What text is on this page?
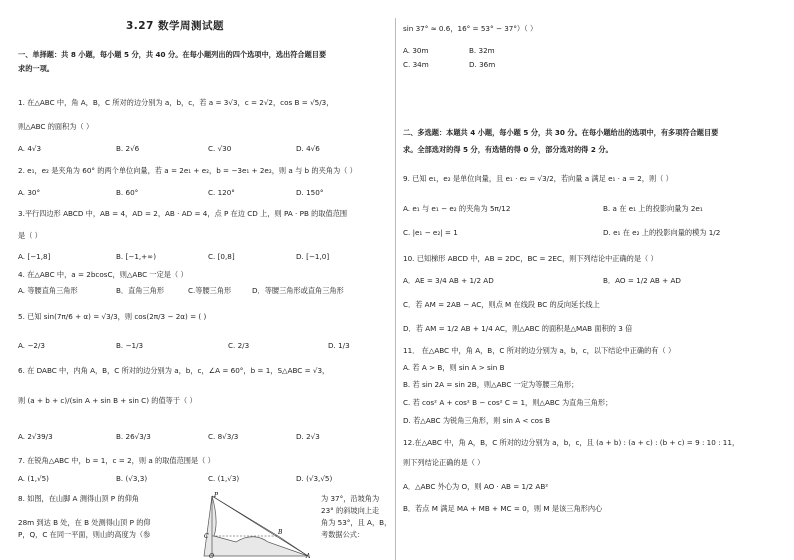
3.27 数学周测试题
一、单择题：共 8 小题，每小题 5 分，共 40 分。在每小题列出的四个选项中，选出符合题目要
求的一项。
1. 在△ABC 中，角 A，B，C 所对的边分别为 a，b，c，若 a = 3√3，c = 2√2，cos B = √5/3，
则△ABC 的面积为（ ）
A. 4√3	B. 2√6	C. √30	D. 4√6
2. e₁，e₂ 是夹角为 60° 的两个单位向量，若 a = 2e₁ + e₂，b = −3e₁ + 2e₂，则 a 与 b 的夹角为（ ）
A. 30°	B. 60°	C. 120°	D. 150°
3.平行四边形 ABCD 中，AB = 4，AD = 2，AB · AD = 4，点 P 在边 CD 上，则 PA · PB 的取值范围
是（ ）
A. [−1,8]	B. [−1,+∞)	C. [0,8]	D. [−1,0]
4. 在△ABC 中，a = 2bcosC，则△ABC 一定是（ ）
A. 等腰直角三角形	B．直角三角形	C.等腰三角形	D．等腰三角形或直角三角形
5. 已知 sin(7π/6 + α) = √3/3，则 cos(2π/3 − 2α) = ( )
A. −2/3	B. −1/3	C. 2/3	D. 1/3
6. 在 DABC 中，内角 A，B，C 所对的边分别为 a，b，c，∠A = 60°，b = 1，S△ABC = √3，
则 (a + b + c)/(sin A + sin B + sin C) 的值等于（ ）
A. 2√39/3	B. 26√3/3	C. 8√3/3	D. 2√3
7. 在锐角△ABC 中，b = 1，c = 2，则 a 的取值范围是（ ）
A. (1,√5)	B. (√3,3)	C. (1,√3)	D. (√3,√5)
8. 如图，在山脚 A 测得山顶 P 的仰角
28m 到达 B 处，在 B 处测得山顶 P 的仰
P，Q，C 在同一平面，则山的高度为（参
为 37°，沿坡角为
23° 的斜坡向上走
角为 53°，且 A，B，
考数据公式：
P
C
B
Q	A
sin 37° ≈ 0.6，16° = 53° − 37°）（ ）
A. 30m	B. 32m
C. 34m	D. 36m
二、多选题：本题共 4 小题，每小题 5 分，共 30 分。在每小题给出的选项中，有多项符合题目要
求。全部选对的得 5 分，有选错的得 0 分，部分选对的得 2 分。
9. 已知 e₁，e₂ 是单位向量，且 e₁ · e₂ = √3/2，若向量 a 满足 e₁ · a = 2，则（ ）
A. e₁ 与 e₁ − e₂ 的夹角为 5π/12	B. a 在 e₁ 上的投影向量为 2e₁
C. |e₁ − e₂| = 1	D. e₁ 在 e₂ 上的投影向量的模为 1/2
10. 已知梯形 ABCD 中，AB = 2DC，BC = 2EC，则下列结论中正确的是（ ）
A．AE = 3/4 AB + 1/2 AD	B．AO = 1/2 AB + AD
C．若 AM = 2AB − AC，则点 M 在线段 BC 的反向延长线上
D．若 AM = 1/2 AB + 1/4 AC，则△ABC 的面积是△MAB 面积的 3 倍
11． 在△ABC 中，角 A，B，C 所对的边分别为 a，b，c，以下结论中正确的有（ ）
A. 若 A > B，则 sin A > sin B
B. 若 sin 2A = sin 2B，则△ABC 一定为等腰三角形；
C. 若 cos² A + cos² B − cos² C = 1，则△ABC 为直角三角形；
D. 若△ABC 为锐角三角形，则 sin A < cos B
12.在△ABC 中，角 A，B，C 所对的边分别为 a，b，c，且 (a + b) : (a + c) : (b + c) = 9 : 10 : 11，
则下列结论正确的是（ ）
A．△ABC 外心为 O，则 AO · AB = 1/2 AB²
B．若点 M 满足 MA + MB + MC = 0，则 M 是该三角形内心
